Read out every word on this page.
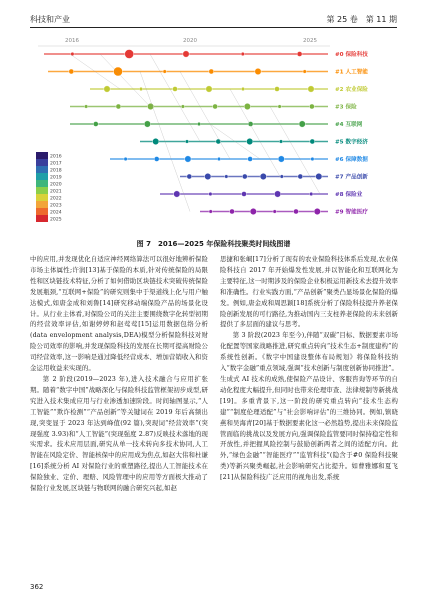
科技和产业	第 25 卷　第 11 期
2016	2020	2025
#0 保险科技
#1 人工智能
#2 农业保险
#3 保险
#4 互联网
#5 数字经济
#6 保障数据
#7 产品创新
#8 保险业
#9 智能医疗
2016
2017
2018
2019
2020
2021
2022
2023
2024
2025
图 7　2016—2025 年保险科技聚类时间线图谱

中的应用,并发现优化自适应神经网络算法可以很好地辨析保险市场主体属性;许润[13]基于保险的本质,针对传统保险的局限性和区块链技术特征,分析了如何借助区块链技术突破传统保险发展瓶颈,“互联网+保险”的研究则集中于渠道线上化与用户触达模式,如唐金成和刘鲁[14]研究移动端保险产品的场景化设计。从行业主体看,对保险公司的关注主要围绕数字化转型初期的经营效率评估,如谢婷婷和赵莺莺[15]运用数据包络分析(data envelopment analysis,DEA)模型分析保险科技对财险公司效率的影响,并发现保险科技的发展在长期可提高财险公司经营效率,这一影响是通过降低经营成本、增加营销收入和资金运用收益来实现的。

第 2 阶段(2019—2023 年),进入技术融合与应用扩张期。随着“数字中国”战略深化与保险科技监管框架初步成型,研究进入技术集成应用与行业渗透加速阶段。时间轴图显示,“人工智能”“欺诈检测”“产品创新”等关键词在 2019 年后高频出现,突变显于 2023 年达到峰值(92 篇),突现词“经营效率”(突现强度 3.93)和“人工智能”(突现强度 2.87)反映技术落地的现实需求。技术应用层面,研究从单一技术转向多技术协同,人工智能在风险定价、智能核保中的应用成为焦点,如赵大伟和杜谦[16]系统分析 AI 对保险行业的重塑路径,提出人工智能技术在保险独业、定价、理赔、风险管理中的应用等方面极大推动了保险行业发展,区块链与物联网的融合研究兴起,如赵

思捷和张峒[17]分析了现有的农业保险科技体系后发现,农业保险科技自 2017 年开始爆发性发展,并以智能化和互联网化为主要特征,这一时期涉及的保险企业积极运用新技术去提升效率和准确性。行业实践方面,“产品创新”聚类凸显场景化保险的爆发。例如,唐金成和周思颖[18]系统分析了保险科技提升养老保险创新发展的可行路径,为推动国内三支柱养老保险的未来创新提供了多层面的建议与思考。

第 3 阶段(2023 年至今),伴随“双碳”目标、数据要素市场化配置等国家战略推进,研究重点转向“技术生态+制度建构”的系统性创新。《数字中国建设整体布局规划》将保险科技纳入“数字金融”重点领域,强调“技术创新与制度创新协同推进”。生成式 AI 技术的成熟,使保险产品设计、客服咨询等环节的自动化程度大幅提升,但同时也带来伦理审查、法律规制等新挑战[19]。多重背景下,这一阶段的研究重点转向“技术生态构建”“制度伦理适配”与“社会影响评估”的三维协同。例如,镇晓燕和吴海青[20]基于数据要素化这一必然趋势,提出未来保险监管面临的挑战以及发展方向,强调保险监管要同时保持稳定性和开放性,并把握风险控制与鼓励创新两者之间的适配方向。此外,“绿色金融”“智能医疗”“监管科技”(隐含于#0 保险科技聚类)等新兴聚类崛起,社会影响研究占比提升。如曹雅娜和夏飞[21]从保险科技广泛应用的视角出发,系统

362
